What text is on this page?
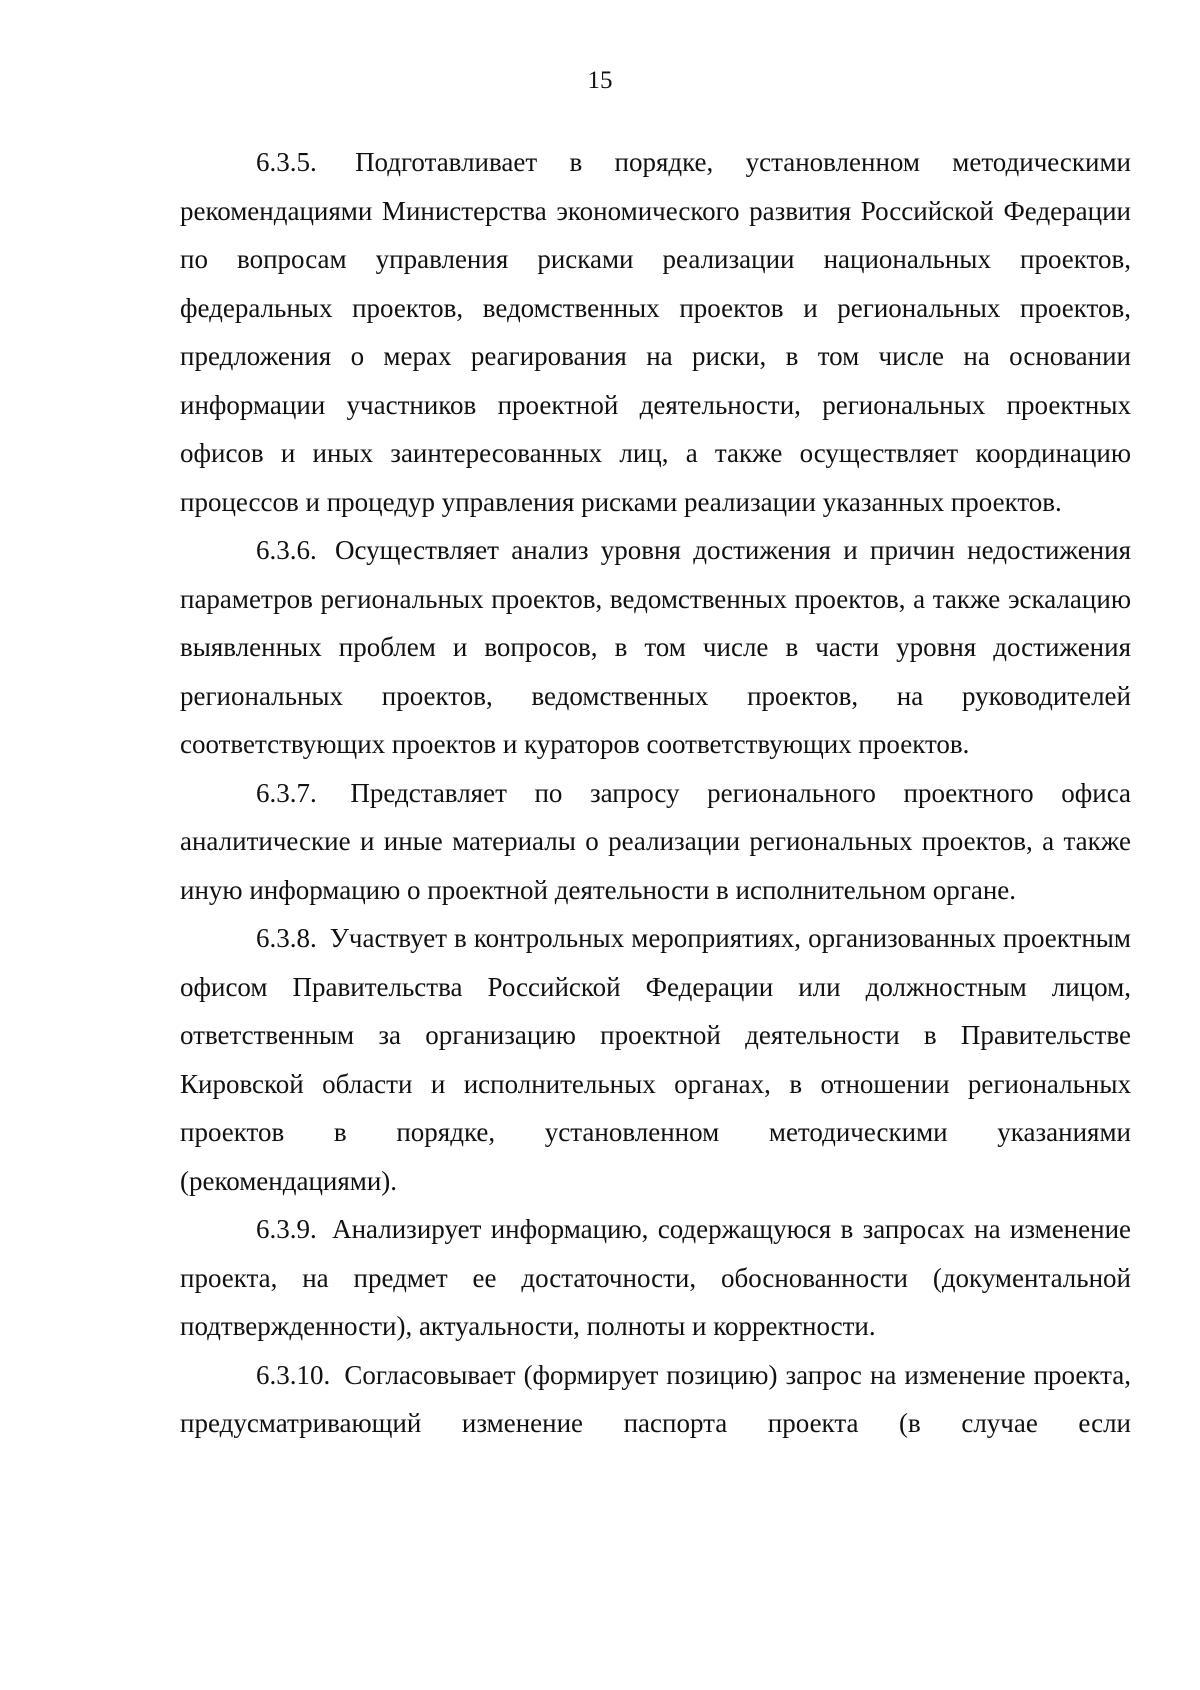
15

6.3.5. Подготавливает в порядке, установленном методическими рекомендациями Министерства экономического развития Российской Федерации по вопросам управления рисками реализации национальных проектов, федеральных проектов, ведомственных проектов и региональных проектов, предложения о мерах реагирования на риски, в том числе на основании информации участников проектной деятельности, региональных проектных офисов и иных заинтересованных лиц, а также осуществляет координацию процессов и процедур управления рисками реализации указанных проектов.

6.3.6. Осуществляет анализ уровня достижения и причин недостижения параметров региональных проектов, ведомственных проектов, а также эскалацию выявленных проблем и вопросов, в том числе в части уровня достижения региональных проектов, ведомственных проектов, на руководителей соответствующих проектов и кураторов соответствующих проектов.

6.3.7. Представляет по запросу регионального проектного офиса аналитические и иные материалы о реализации региональных проектов, а также иную информацию о проектной деятельности в исполнительном органе.

6.3.8. Участвует в контрольных мероприятиях, организованных проектным офисом Правительства Российской Федерации или должностным лицом, ответственным за организацию проектной деятельности в Правительстве Кировской области и исполнительных органах, в отношении региональных проектов в порядке, установленном методическими указаниями (рекомендациями).

6.3.9. Анализирует информацию, содержащуюся в запросах на изменение проекта, на предмет ее достаточности, обоснованности (документальной подтвержденности), актуальности, полноты и корректности.

6.3.10. Согласовывает (формирует позицию) запрос на изменение проекта, предусматривающий изменение паспорта проекта (в случае если
